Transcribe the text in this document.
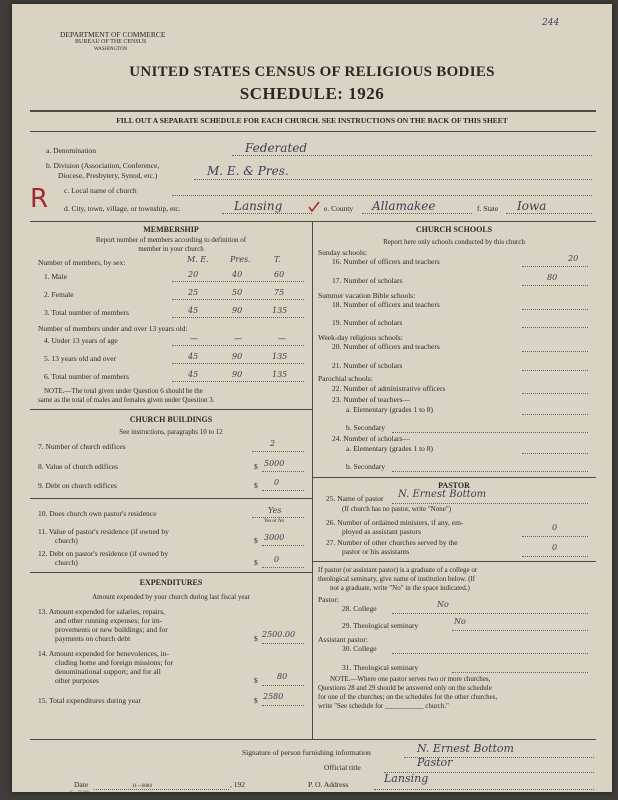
244
DEPARTMENT OF COMMERCE
BUREAU OF THE CENSUS
WASHINGTON
UNITED STATES CENSUS OF RELIGIOUS BODIES
SCHEDULE: 1926
FILL OUT A SEPARATE SCHEDULE FOR EACH CHURCH. SEE INSTRUCTIONS ON THE BACK OF THIS SHEET
a. Denomination	Federated
b. Division (Association, Conference,
Diocese, Presbytery, Synod, etc.)	M. E. & Pres.
R c. Local name of church
d. City, town, village, or township, etc.	Lansing	e. County Allamakee	f. State Iowa
MEMBERSHIP
Report number of members according to definition of
member in your church
Number of members, by sex:	M. E.	Pres.	T.
1. Male	20	40	60
2. Female	25	50	75
3. Total number of members	45	90	135
Number of members under and over 13 years old:
4. Under 13 years of age	—	—	—
5. 13 years old and over	45	90	135
6. Total number of members	45	90	135
NOTE.—The total given under Question 6 should be the
same as the total of males and females given under Question 3.
CHURCH BUILDINGS
See instructions, paragraphs 10 to 12
7. Number of church edifices	2
8. Value of church edifices	$ 5000
9. Debt on church edifices	$ 0
10. Does church own pastor's residence	Yes
Yes or No
11. Value of pastor's residence (if owned by
church)	$ 3000
12. Debt on pastor's residence (if owned by
church)	$ 0
EXPENDITURES
Amount expended by your church during last fiscal year
13. Amount expended for salaries, repairs,
and other running expenses; for im-
provements or new buildings; and for
payments on church debt	$ 2500.00
14. Amount expended for benevolences, in-
cluding home and foreign missions; for
denominational support; and for all
other purposes	$ 80
15. Total expenditures during year	$ 2580
CHURCH SCHOOLS
Report here only schools conducted by this church
Sunday schools:
16. Number of officers and teachers	20
17. Number of scholars	80
Summer vacation Bible schools:
18. Number of officers and teachers
19. Number of scholars
Week-day religious schools:
20. Number of officers and teachers
21. Number of scholars
Parochial schools:
22. Number of administrative officers
23. Number of teachers—
a. Elementary (grades 1 to 8)
b. Secondary
24. Number of scholars—
a. Elementary (grades 1 to 8)
b. Secondary
PASTOR
25. Name of pastor N. Ernest Bottom
(If church has no pastor, write "None")
26. Number of ordained ministers, if any, em-
ployed as assistant pastors	0
27. Number of other churches served by the
pastor or his assistants	0
If pastor (or assistant pastor) is a graduate of a college or
theological seminary, give name of institution below. (If
not a graduate, write "No" in the space indicated.)
Pastor:
28. College	No
29. Theological seminary	No
Assistant pastor:
30. College
31. Theological seminary
NOTE.—Where one pastor serves two or more churches,
Questions 28 and 29 should be answered only on the schedule
for one of the churches; on the schedules for the other churches,
write "See schedule for ___________ church."
Signature of person furnishing information	N. Ernest Bottom
Official title	Pastor
Date	, 192	P. O. Address	Lansing
S—5518a
11—6084
